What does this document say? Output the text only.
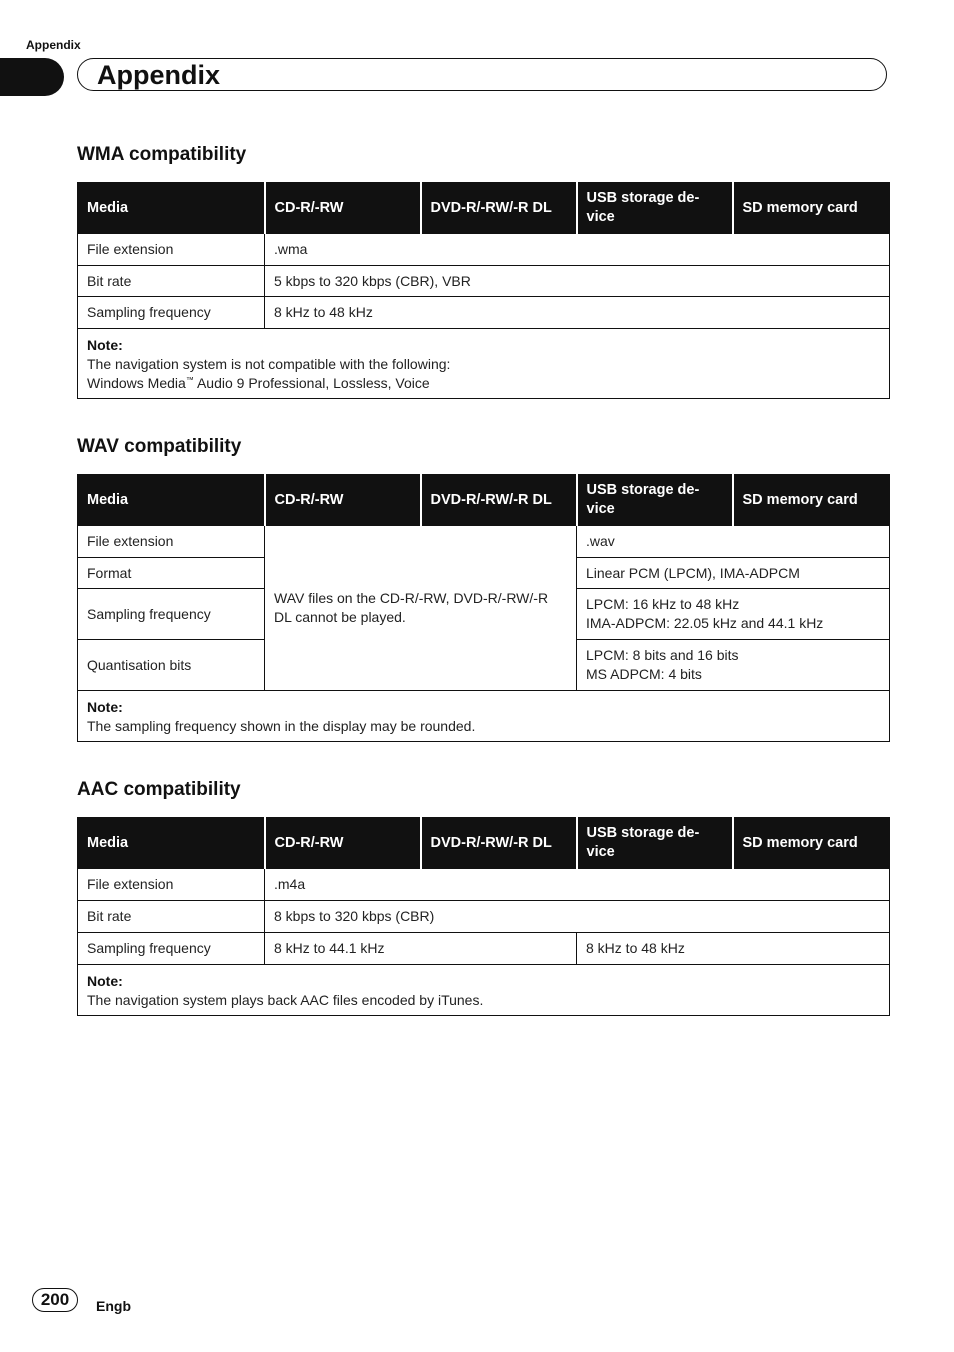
Appendix
Appendix
WMA compatibility
Media	CD-R/-RW	DVD-R/-RW/-R DL	USB storage de-vice	SD memory card
File extension	.wma			
Bit rate	5 kbps to 320 kbps (CBR), VBR			
Sampling frequency	8 kHz to 48 kHz			

Note:
The navigation system is not compatible with the following:
Windows Media™ Audio 9 Professional, Lossless, Voice				
WAV compatibility
Media	CD-R/-RW	DVD-R/-RW/-R DL	USB storage de-vice	SD memory card
File extension	WAV files on the CD-R/-RW, DVD-R/-RW/-R DL cannot be played.		.wav	
Format			Linear PCM (LPCM), IMA-ADPCM	
Sampling frequency			LPCM: 16 kHz to 48 kHz
IMA-ADPCM: 22.05 kHz and 44.1 kHz	

Quantisation bits			LPCM: 8 bits and 16 bits
MS ADPCM: 4 bits	

Note:
The sampling frequency shown in the display may be rounded.				
AAC compatibility
Media	CD-R/-RW	DVD-R/-RW/-R DL	USB storage de-vice	SD memory card
File extension	.m4a			
Bit rate	8 kbps to 320 kbps (CBR)			
Sampling frequency	8 kHz to 44.1 kHz		8 kHz to 48 kHz	

Note:
The navigation system plays back AAC files encoded by iTunes.				
200	Engb
